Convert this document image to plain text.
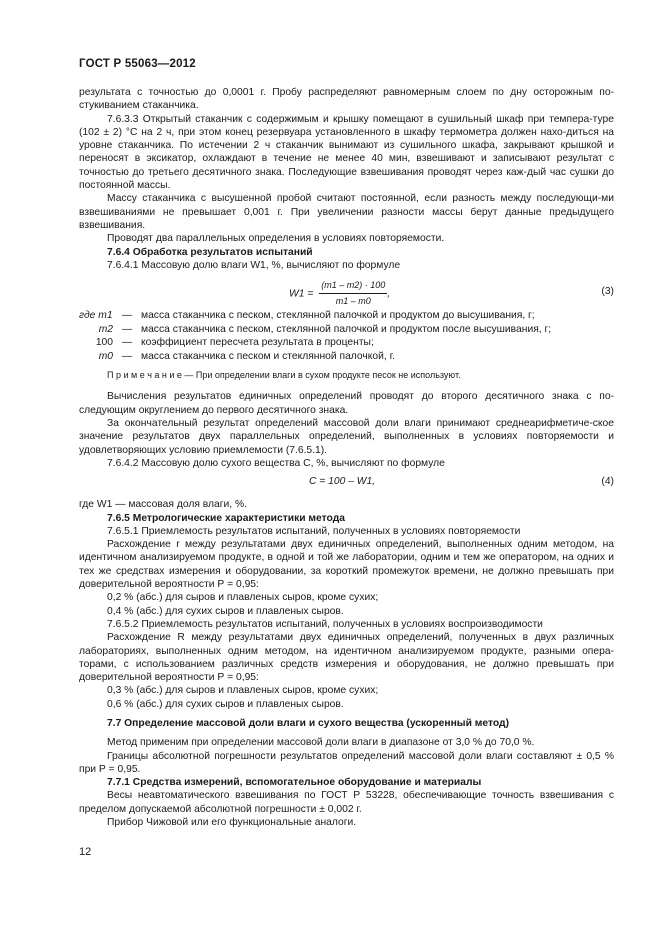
ГОСТ Р 55063—2012

результата с точностью до 0,0001 г. Пробу распределяют равномерным слоем по дну осторожным по-стукиванием стаканчика.

7.6.3.3 Открытый стаканчик с содержимым и крышку помещают в сушильный шкаф при темпера-туре (102 ± 2) °С на 2 ч, при этом конец резервуара установленного в шкафу термометра должен нахо-диться на уровне стаканчика. По истечении 2 ч стаканчик вынимают из сушильного шкафа, закрывают крышкой и переносят в эксикатор, охлаждают в течение не менее 40 мин, взвешивают и записывают результат с точностью до третьего десятичного знака. Последующие взвешивания проводят через каж-дый час сушки до постоянной массы.

Массу стаканчика с высушенной пробой считают постоянной, если разность между последующи-ми взвешиваниями не превышает 0,001 г. При увеличении разности массы берут данные предыдущего взвешивания.

Проводят два параллельных определения в условиях повторяемости.

7.6.4 Обработка результатов испытаний

7.6.4.1 Массовую долю влаги W1, %, вычисляют по формуле

$W1 = \frac{(m1 - m2) \cdot 100}{m1 - m0}$ ,	(3)
где m1 — масса стаканчика с песком, стеклянной палочкой и продуктом до высушивания, г;
m2 — масса стаканчика с песком, стеклянной палочкой и продуктом после высушивания, г;
100 — коэффициент пересчета результата в проценты;
m0 — масса стаканчика с песком и стеклянной палочкой, г.

П р и м е ч а н и е — При определении влаги в сухом продукте песок не используют.

Вычисления результатов единичных определений проводят до второго десятичного знака с по-следующим округлением до первого десятичного знака.

За окончательный результат определений массовой доли влаги принимают среднеарифметиче-ское значение результатов двух параллельных определений, выполненных в условиях повторяемости и удовлетворяющих условию приемлемости (7.6.5.1).

7.6.4.2 Массовую долю сухого вещества С, %, вычисляют по формуле

С = 100 – W1,	(4)

где W1 — массовая доля влаги, %.

7.6.5 Метрологические характеристики метода

7.6.5.1 Приемлемость результатов испытаний, полученных в условиях повторяемости

Расхождение r между результатами двух единичных определений, выполненных одним методом, на идентичном анализируемом продукте, в одной и той же лаборатории, одним и тем же оператором, на одних и тех же средствах измерения и оборудовании, за короткий промежуток времени, не должно превышать при доверительной вероятности Р = 0,95:

0,2 % (абс.) для сыров и плавленых сыров, кроме сухих;

0,4 % (абс.) для сухих сыров и плавленых сыров.

7.6.5.2 Приемлемость результатов испытаний, полученных в условиях воспроизводимости

Расхождение R между результатами двух единичных определений, полученных в двух различных лабораториях, выполненных одним методом, на идентичном анализируемом продукте, разными опера-торами, с использованием различных средств измерения и оборудования, не должно превышать при доверительной вероятности Р = 0,95:

0,3 % (абс.) для сыров и плавленых сыров, кроме сухих;

0,6 % (абс.) для сухих сыров и плавленых сыров.

7.7 Определение массовой доли влаги и сухого вещества (ускоренный метод)

Метод применим при определении массовой доли влаги в диапазоне от 3,0 % до 70,0 %.

Границы абсолютной погрешности результатов определений массовой доли влаги составляют ± 0,5 % при Р = 0,95.

7.7.1 Средства измерений, вспомогательное оборудование и материалы

Весы неавтоматического взвешивания по ГОСТ Р 53228, обеспечивающие точность взвешивания с пределом допускаемой абсолютной погрешности ± 0,002 г.

Прибор Чижовой или его функциональные аналоги.

12
